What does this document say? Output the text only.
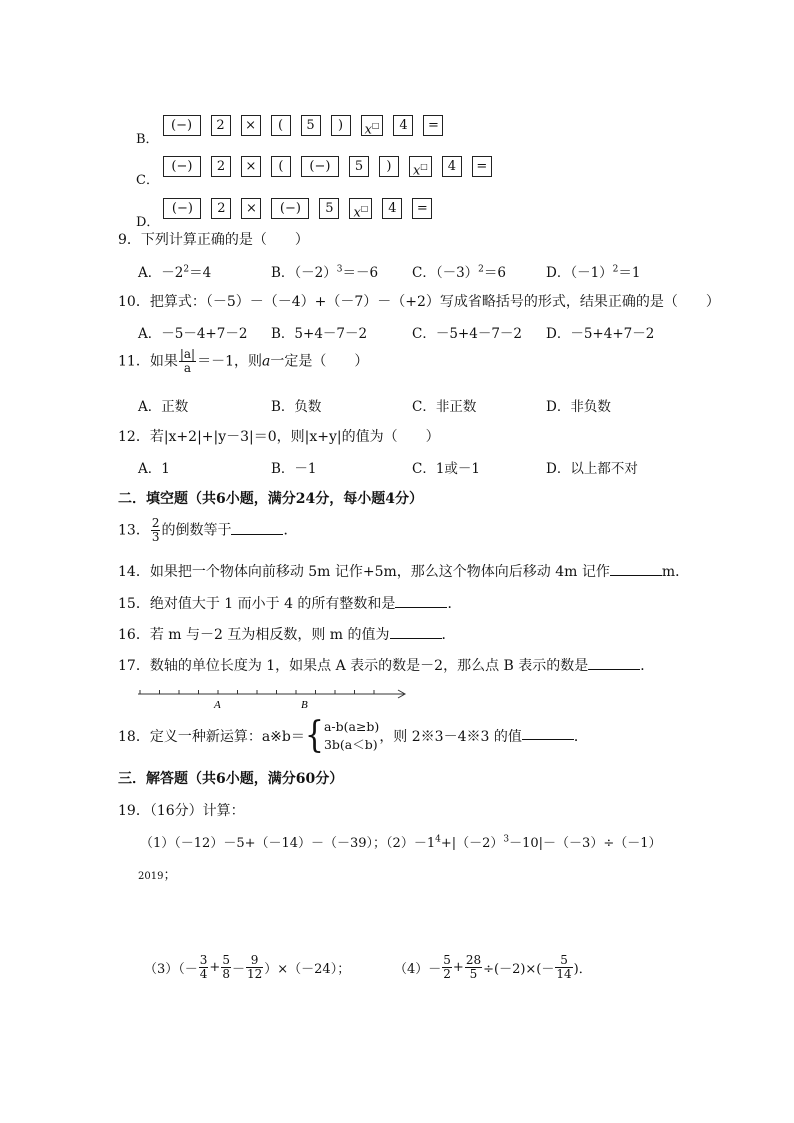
B．
(−)	2	×	(	5	)	x□	4	=
C．
(−)	2	×	(	(−)	5	)	x□	4	=
D．
(−)	2	×	(−)	5	x□	4	=
9．下列计算正确的是（　　）
A．$-2^2=4$	B．$(-2)^3=-6$	C．$(-3)^2=6$	D．$(-1)^2=1$
10．把算式：（－5）－（－4）+（－7）－（+2）写成省略括号的形式，结果正确的是（　　）
A．－5－4+7－2 B．5+4－7－2	C．－5+4－7－2 D．－5+4+7－2
11．如果 $\frac{|a|}{a} =-1$，则a一定是（　　）
A．正数	B．负数	C．非正数	D．非负数
12．若|x+2|+|y－3|＝0，则|x+y|的值为（　　）
A．1	B．－1	C．1或－1	D．以上都不对
二．填空题（共6小题，满分24分，每小题4分）
13． $\frac{2}{3}$ 的倒数等于	．
14．如果把一个物体向前移动 5m 记作+5m，那么这个物体向后移动 4m 记作	m．
15．绝对值大于 1 而小于 4 的所有整数和是	．
16．若 m 与－2 互为相反数，则 m 的值为	．
17．数轴的单位长度为 1，如果点 A 表示的数是－2，那么点 B 表示的数是	．
A	B
18．定义一种新运算：a※b＝{ a-b(a≥b)
3b(a＜b) ，则 2※3－4※3 的值	．
三．解答题（共6小题，满分60分）
19．（16分）计算：
（1）（－12）－5+（－14）－（－39）；$(2)-1^4+|(-2)^3-10|-(-3)\div(-1)$
2019；
$(3)(- \frac{3}{4} + \frac{5}{8} - \frac{9}{12} )\times(-24)$；	$(4)- \frac{5}{2} + \frac{28}{5} \div(-2)\times(- \frac{5}{14}$ )．
